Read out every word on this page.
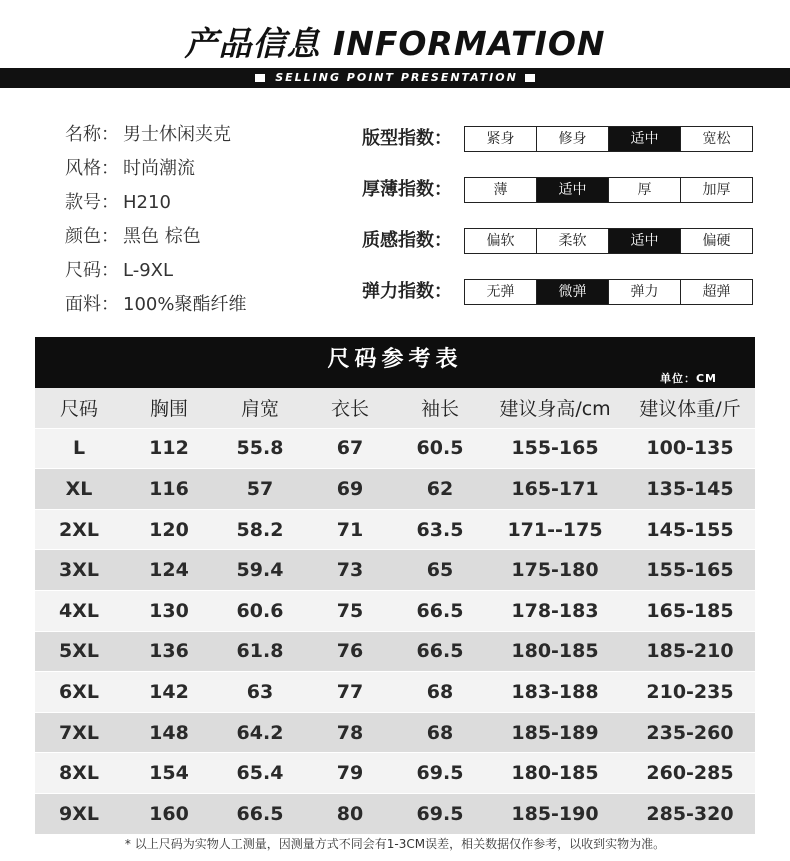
产品信息 INFORMATION
SELLING POINT PRESENTATION
名称： 男士休闲夹克
风格： 时尚潮流
款号： H210
颜色： 黑色 棕色
尺码： L-9XL
面料： 100%聚酯纤维
版型指数：	紧身	修身	适中	宽松
厚薄指数：	薄	适中	厚	加厚
质感指数：	偏软	柔软	适中	偏硬
弹力指数：	无弹	微弹	弹力	超弹
尺码参考表
单位：CM
尺码	胸围	肩宽	衣长	袖长	建议身高/cm	建议体重/斤
L	112	55.8	67	60.5	155-165	100-135
XL	116	57	69	62	165-171	135-145
2XL	120	58.2	71	63.5	171--175	145-155
3XL	124	59.4	73	65	175-180	155-165
4XL	130	60.6	75	66.5	178-183	165-185
5XL	136	61.8	76	66.5	180-185	185-210
6XL	142	63	77	68	183-188	210-235
7XL	148	64.2	78	68	185-189	235-260
8XL	154	65.4	79	69.5	180-185	260-285
9XL	160	66.5	80	69.5	185-190	285-320
* 以上尺码为实物人工测量，因测量方式不同会有1-3CM误差，相关数据仅作参考，以收到实物为准。
